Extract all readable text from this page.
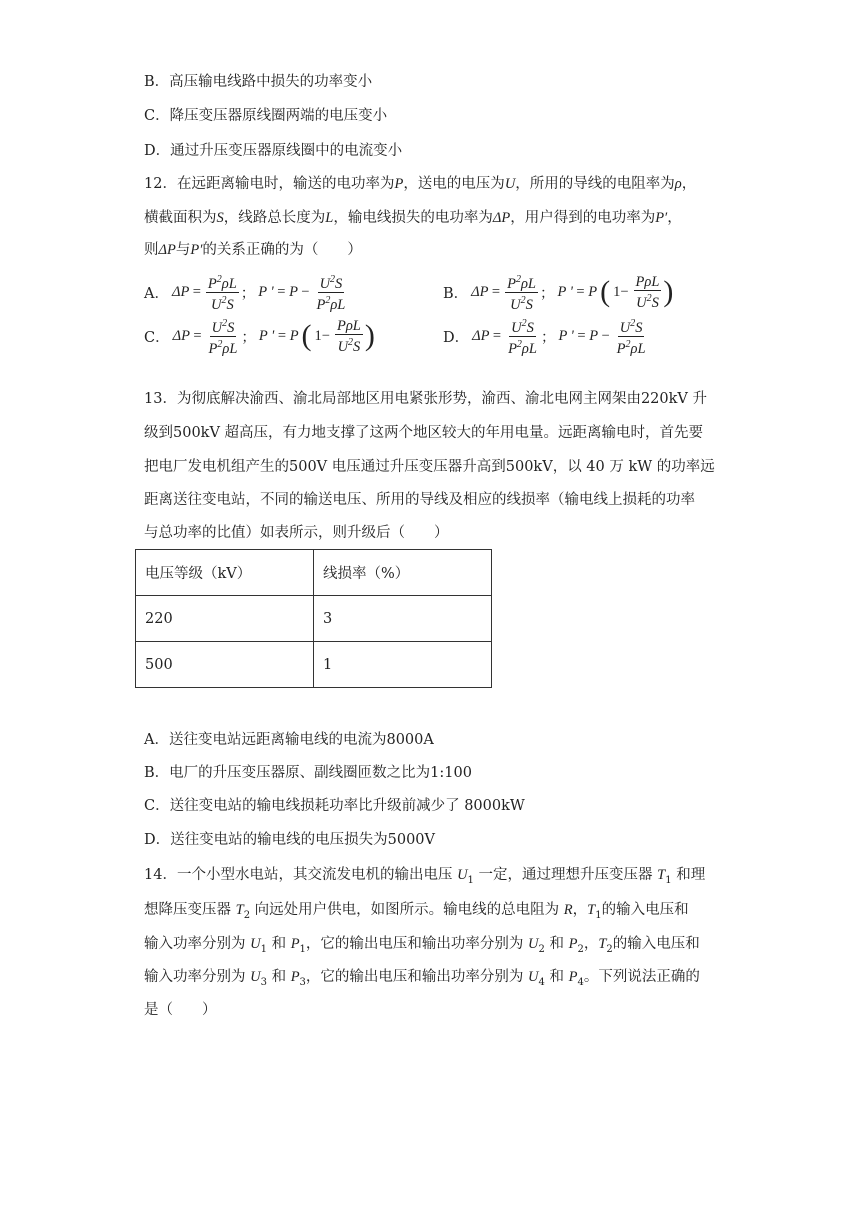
B．高压输电线路中损失的功率变小
C．降压变压器原线圈两端的电压变小
D．通过升压变压器原线圈中的电流变小
12．在远距离输电时，输送的电功率为P，送电的电压为U，所用的导线的电阻率为ρ，
横截面积为S，线路总长度为L，输电线损失的电功率为ΔP，用户得到的电功率为P′，
则ΔP与P′的关系正确的为（　　）
A． $\Delta P = \frac{P^2\rho L}{U^2S}$ ； P ' = $P - \frac{U^2S}{P^2\rho L}$	B． $\Delta P = \frac{P^2\rho L}{U^2S}$ ； P ' = P ( $1- \frac{\text{PρL}}{U^2S}$ )
C． $\Delta P = \frac{U^2S}{P^2\rho L}$ ； P ' = P ( $1- \frac{\text{PρL}}{U^2S}$ )	D． $\Delta P = \frac{U^2S}{P^2\rho L}$ ； P ' = $P - \frac{U^2S}{P^2\rho L}$
13．为彻底解决渝西、渝北局部地区用电紧张形势，渝西、渝北电网主网架由220kV 升
级到500kV 超高压，有力地支撑了这两个地区较大的年用电量。远距离输电时，首先要
把电厂发电机组产生的500V 电压通过升压变压器升高到500kV，以 40 万 kW 的功率远
距离送往变电站，不同的输送电压、所用的导线及相应的线损率（输电线上损耗的功率
与总功率的比值）如表所示，则升级后（　　）
电压等级（kV）	线损率（%）
220	3
500	1
A．送往变电站远距离输电线的电流为8000A
B．电厂的升压变压器原、副线圈匝数之比为1:100
C．送往变电站的输电线损耗功率比升级前减少了 8000kW
D．送往变电站的输电线的电压损失为5000V
14．一个小型水电站，其交流发电机的输出电压 $U_1$ 一定，通过理想升压变压器 $T_1$ 和理
想降压变压器 $T_2$ 向远处用户供电，如图所示。输电线的总电阻为 R，$T_1$的输入电压和
输入功率分别为 $U_1$ 和 $P_1$，它的输出电压和输出功率分别为 $U_2$ 和 $P_2$，$T_2$的输入电压和
输入功率分别为 $U_3$ 和 $P_3$，它的输出电压和输出功率分别为 $U_4$ 和 $P_4$。下列说法正确的
是（　　）
